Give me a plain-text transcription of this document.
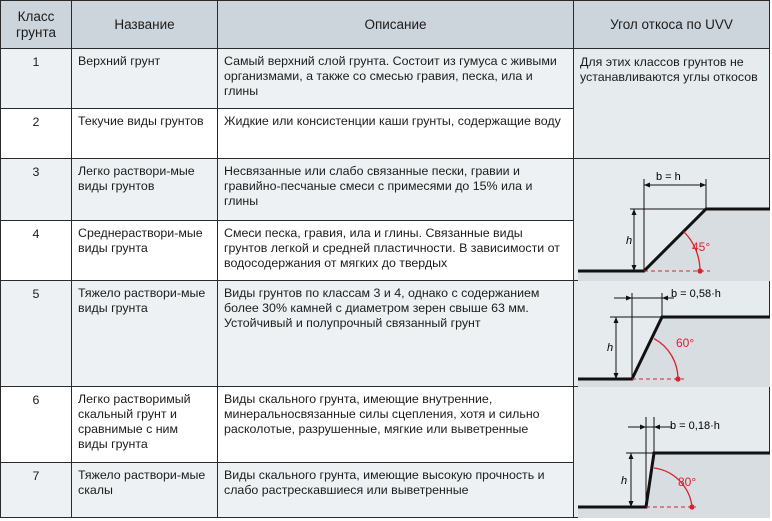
Класс грунта	Название	Описание	Угол откоса по UVV
1	Верхний грунт	Самый верхний слой грунта. Состоит из гумуса с живыми организмами, а также со смесью гравия, песка, ила и глины	Для этих классов грунтов не устанавливаются углы откосов

2	Текучие виды грунтов	Жидкие или консистенции каши грунты, содержащие воду	
3	Легко раствори-мые виды грунтов	Несвязанные или слабо связанные пески, гравии и гравийно-песчаные смеси с примесями до 15% ила и глины	b = h
h 45°

4	Среднераствори-мые виды грунта	Смеси песка, гравия, ила и глины. Связанные виды грунтов легкой и средней пластичности. В зависимости от водосодержания от мягких до твердых	
5	Тяжело раствори-мые виды грунта	Виды грунтов по классам 3 и 4, однако с содержанием более 30% камней с диаметром зерен свыше 63 мм. Устойчивый и полупрочный связанный грунт	b = 0,58·h
h 60°

6	Легко растворимый скальный грунт и сравнимые с ним виды грунта	Виды скального грунта, имеющие внутренние, минеральносвязанные силы сцепления, хотя и сильно расколотые, разрушенные, мягкие или выветренные	b = 0,18·h
h 80°

7	Тяжело раствори-мые скалы	Виды скального грунта, имеющие высокую прочность и слабо растрескавшиеся или выветренные	
